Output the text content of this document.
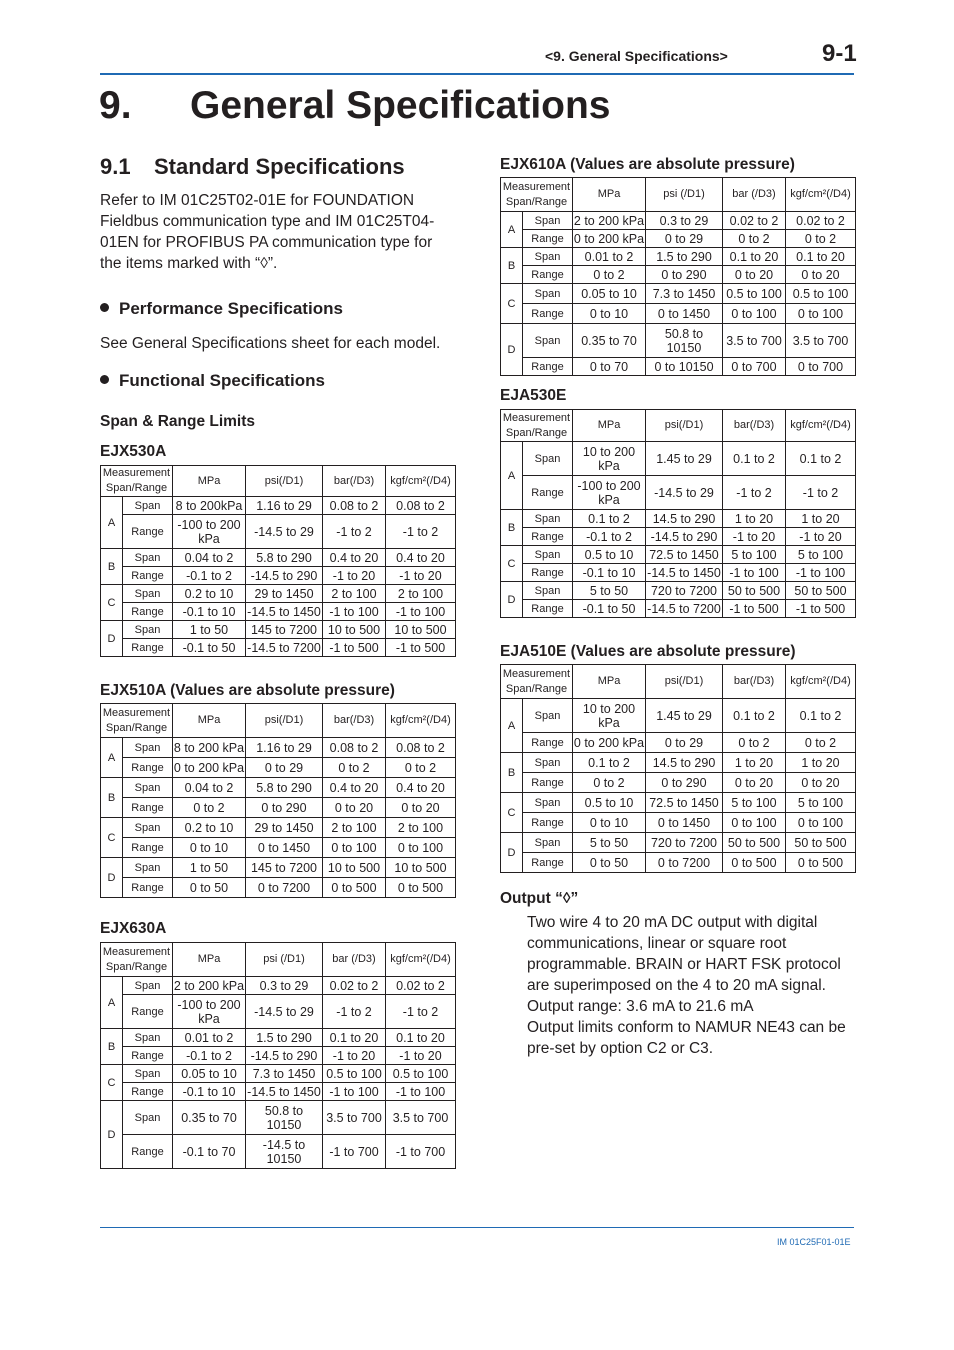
<9. General Specifications>	9-1
9. General Specifications
9.1 Standard Specifications
Refer to IM 01C25T02-01E for FOUNDATION Fieldbus communication type and IM 01C25T04-01EN for PROFIBUS PA communication type for the items marked with “◊”.
Performance Specifications
See General Specifications sheet for each model.
Functional Specifications
Span & Range Limits
EJX530A
EJX510A (Values are absolute pressure)
EJX630A
EJX610A (Values are absolute pressure)
EJA530E
EJA510E (Values are absolute pressure)
Measurement Span/Range		MPa	psi(/D1)	bar(/D3)	kgf/cm²(/D4)
A	Span	8 to 200kPa	1.16 to 29	0.08 to 2	0.08 to 2
	Range	-100 to 200 kPa	-14.5 to 29	-1 to 2	-1 to 2
B	Span	0.04 to 2	5.8 to 290	0.4 to 20	0.4 to 20
	Range	-0.1 to 2	-14.5 to 290	-1 to 20	-1 to 20
C	Span	0.2 to 10	29 to 1450	2 to 100	2 to 100
	Range	-0.1 to 10	-14.5 to 1450	-1 to 100	-1 to 100
D	Span	1 to 50	145 to 7200	10 to 500	10 to 500
	Range	-0.1 to 50	-14.5 to 7200	-1 to 500	-1 to 500
Measurement Span/Range		MPa	psi(/D1)	bar(/D3)	kgf/cm²(/D4)
A	Span	8 to 200 kPa	1.16 to 29	0.08 to 2	0.08 to 2
	Range	0 to 200 kPa	0 to 29	0 to 2	0 to 2
B	Span	0.04 to 2	5.8 to 290	0.4 to 20	0.4 to 20
	Range	0 to 2	0 to 290	0 to 20	0 to 20
C	Span	0.2 to 10	29 to 1450	2 to 100	2 to 100
	Range	0 to 10	0 to 1450	0 to 100	0 to 100
D	Span	1 to 50	145 to 7200	10 to 500	10 to 500
	Range	0 to 50	0 to 7200	0 to 500	0 to 500
Measurement Span/Range		MPa	psi (/D1)	bar (/D3)	kgf/cm²(/D4)
A	Span	2 to 200 kPa	0.3 to 29	0.02 to 2	0.02 to 2
	Range	-100 to 200 kPa	-14.5 to 29	-1 to 2	-1 to 2
B	Span	0.01 to 2	1.5 to 290	0.1 to 20	0.1 to 20
	Range	-0.1 to 2	-14.5 to 290	-1 to 20	-1 to 20
C	Span	0.05 to 10	7.3 to 1450	0.5 to 100	0.5 to 100
	Range	-0.1 to 10	-14.5 to 1450	-1 to 100	-1 to 100
D	Span	0.35 to 70	50.8 to 10150	3.5 to 700	3.5 to 700
	Range	-0.1 to 70	-14.5 to 10150	-1 to 700	-1 to 700
Measurement Span/Range		MPa	psi (/D1)	bar (/D3)	kgf/cm²(/D4)
A	Span	2 to 200 kPa	0.3 to 29	0.02 to 2	0.02 to 2
	Range	0 to 200 kPa	0 to 29	0 to 2	0 to 2
B	Span	0.01 to 2	1.5 to 290	0.1 to 20	0.1 to 20
	Range	0 to 2	0 to 290	0 to 20	0 to 20
C	Span	0.05 to 10	7.3 to 1450	0.5 to 100	0.5 to 100
	Range	0 to 10	0 to 1450	0 to 100	0 to 100
D	Span	0.35 to 70	50.8 to 10150	3.5 to 700	3.5 to 700
	Range	0 to 70	0 to 10150	0 to 700	0 to 700
Measurement Span/Range		MPa	psi(/D1)	bar(/D3)	kgf/cm²(/D4)
A	Span	10 to 200 kPa	1.45 to 29	0.1 to 2	0.1 to 2
	Range	-100 to 200 kPa	-14.5 to 29	-1 to 2	-1 to 2
B	Span	0.1 to 2	14.5 to 290	1 to 20	1 to 20
	Range	-0.1 to 2	-14.5 to 290	-1 to 20	-1 to 20
C	Span	0.5 to 10	72.5 to 1450	5 to 100	5 to 100
	Range	-0.1 to 10	-14.5 to 1450	-1 to 100	-1 to 100
D	Span	5 to 50	720 to 7200	50 to 500	50 to 500
	Range	-0.1 to 50	-14.5 to 7200	-1 to 500	-1 to 500
Measurement Span/Range		MPa	psi(/D1)	bar(/D3)	kgf/cm²(/D4)
A	Span	10 to 200 kPa	1.45 to 29	0.1 to 2	0.1 to 2
	Range	0 to 200 kPa	0 to 29	0 to 2	0 to 2
B	Span	0.1 to 2	14.5 to 290	1 to 20	1 to 20
	Range	0 to 2	0 to 290	0 to 20	0 to 20
C	Span	0.5 to 10	72.5 to 1450	5 to 100	5 to 100
	Range	0 to 10	0 to 1450	0 to 100	0 to 100
D	Span	5 to 50	720 to 7200	50 to 500	50 to 500
	Range	0 to 50	0 to 7200	0 to 500	0 to 500
Output “◊”
Two wire 4 to 20 mA DC output with digital communications, linear or square root programmable. BRAIN or HART FSK protocol are superimposed on the 4 to 20 mA signal.
Output range: 3.6 mA to 21.6 mA
Output limits conform to NAMUR NE43 can be pre-set by option C2 or C3.
IM 01C25F01-01E
